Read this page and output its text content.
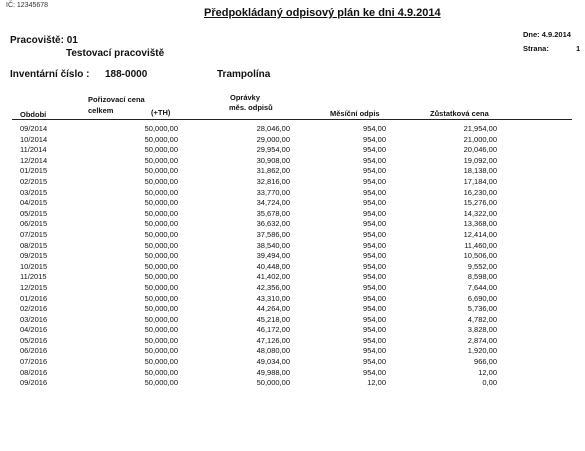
IČ: 12345678
Předpokládaný odpisový plán ke dni 4.9.2014
Pracoviště: 01
Testovací pracoviště
Dne: 4.9.2014
Strana:	1
Inventární číslo : 188-0000	Trampolína
Období
Pořizovací cena
celkem	(+TH)
Oprávky
měs. odpisů
Měsíční odpis	Zůstatková cena
09/2014	50,000,00	28,046,00	954,00	21,954,00
10/2014	50,000,00	29,000,00	954,00	21,000,00
11/2014	50,000,00	29,954,00	954,00	20,046,00
12/2014	50,000,00	30,908,00	954,00	19,092,00
01/2015	50,000,00	31,862,00	954,00	18,138,00
02/2015	50,000,00	32,816,00	954,00	17,184,00
03/2015	50,000,00	33,770,00	954,00	16,230,00
04/2015	50,000,00	34,724,00	954,00	15,276,00
05/2015	50,000,00	35,678,00	954,00	14,322,00
06/2015	50,000,00	36,632,00	954,00	13,368,00
07/2015	50,000,00	37,586,00	954,00	12,414,00
08/2015	50,000,00	38,540,00	954,00	11,460,00
09/2015	50,000,00	39,494,00	954,00	10,506,00
10/2015	50,000,00	40,448,00	954,00	9,552,00
11/2015	50,000,00	41,402,00	954,00	8,598,00
12/2015	50,000,00	42,356,00	954,00	7,644,00
01/2016	50,000,00	43,310,00	954,00	6,690,00
02/2016	50,000,00	44,264,00	954,00	5,736,00
03/2016	50,000,00	45,218,00	954,00	4,782,00
04/2016	50,000,00	46,172,00	954,00	3,828,00
05/2016	50,000,00	47,126,00	954,00	2,874,00
06/2016	50,000,00	48,080,00	954,00	1,920,00
07/2016	50,000,00	49,034,00	954,00	966,00
08/2016	50,000,00	49,988,00	954,00	12,00
09/2016	50,000,00	50,000,00	12,00	0,00
